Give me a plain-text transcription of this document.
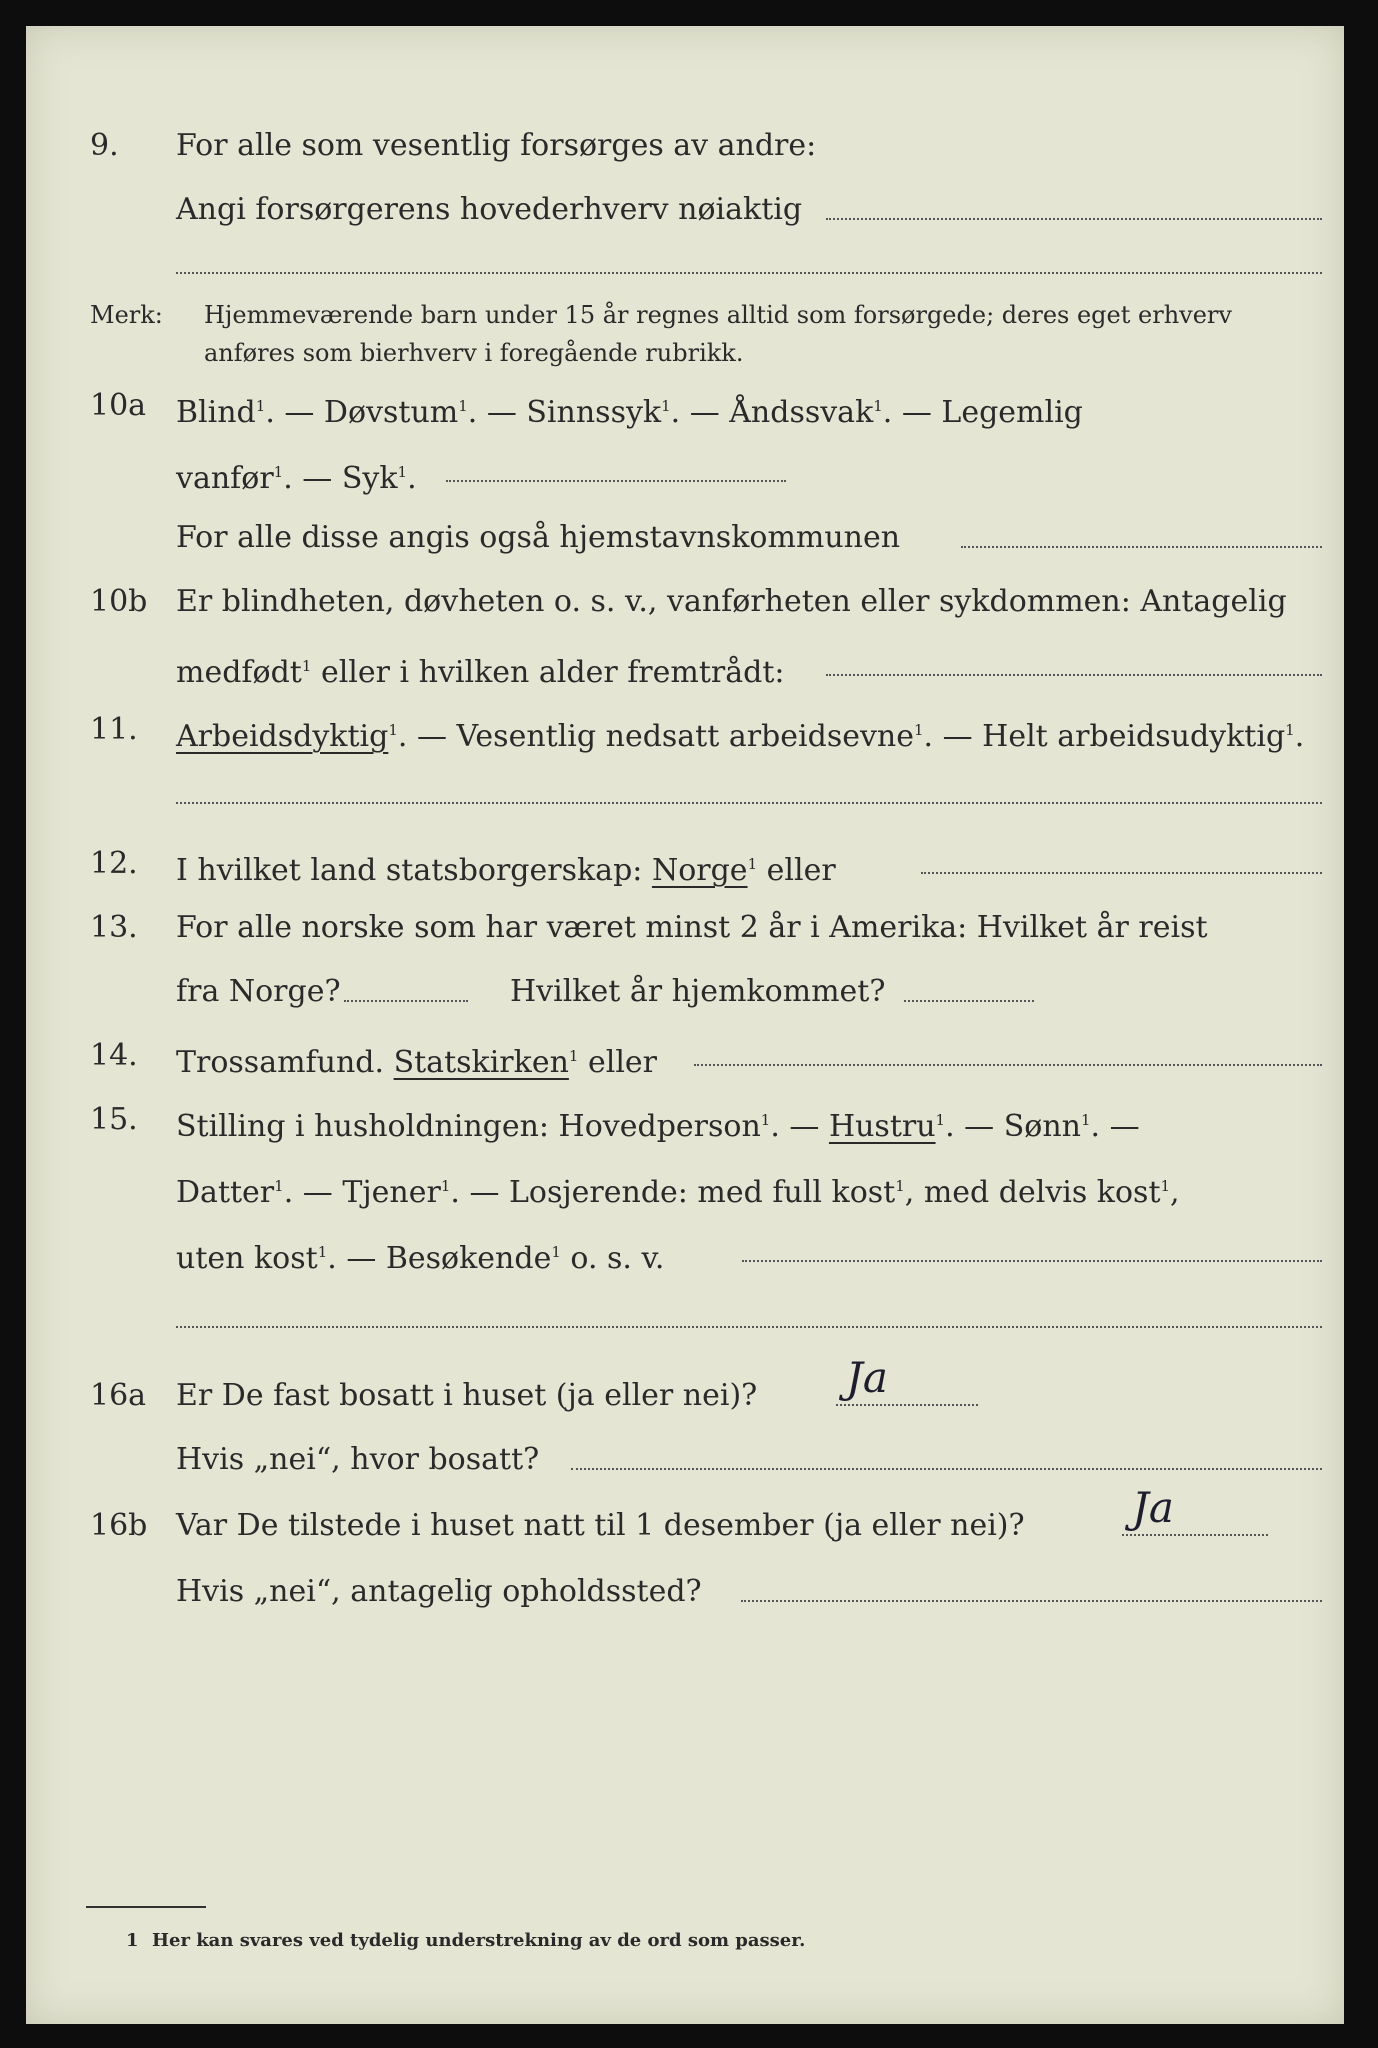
9. For alle som vesentlig forsørges av andre:
Angi forsørgerens hovederhverv nøiaktig
Merk: Hjemmeværende barn under 15 år regnes alltid som forsørgede; deres eget erhverv
anføres som bierhverv i foregående rubrikk.
10a Blind$^1$. — Døvstum$^1$. — Sinnssyk$^1$. — Åndssvak$^1$. — Legemlig
vanfør$^1$. — Syk$^1$.
For alle disse angis også hjemstavnskommunen
10b Er blindheten, døvheten o. s. v., vanførheten eller sykdommen: Antagelig
medfødt$^1$ eller i hvilken alder fremtrådt:
11. Arbeidsdyktig$^1$. — Vesentlig nedsatt arbeidsevne$^1$. — Helt arbeidsudyktig$^1$.
12. I hvilket land statsborgerskap: Norge$^1$ eller
13. For alle norske som har været minst 2 år i Amerika: Hvilket år reist
fra Norge?	Hvilket år hjemkommet?
14. Trossamfund. Statskirken$^1$ eller
15. Stilling i husholdningen: Hovedperson$^1$. — Hustru$^1$. — Sønn$^1$. —
Datter$^1$. — Tjener$^1$. — Losjerende: med full kost$^1$, med delvis kost$^1$,
uten kost$^1$. — Besøkende$^1$ o. s. v.
16a Er De fast bosatt i huset (ja eller nei)? Ja
Hvis „nei“, hvor bosatt?
16b Var De tilstede i huset natt til 1 desember (ja eller nei)?	Ja
Hvis „nei“, antagelig opholdssted?
1 Her kan svares ved tydelig understrekning av de ord som passer.
